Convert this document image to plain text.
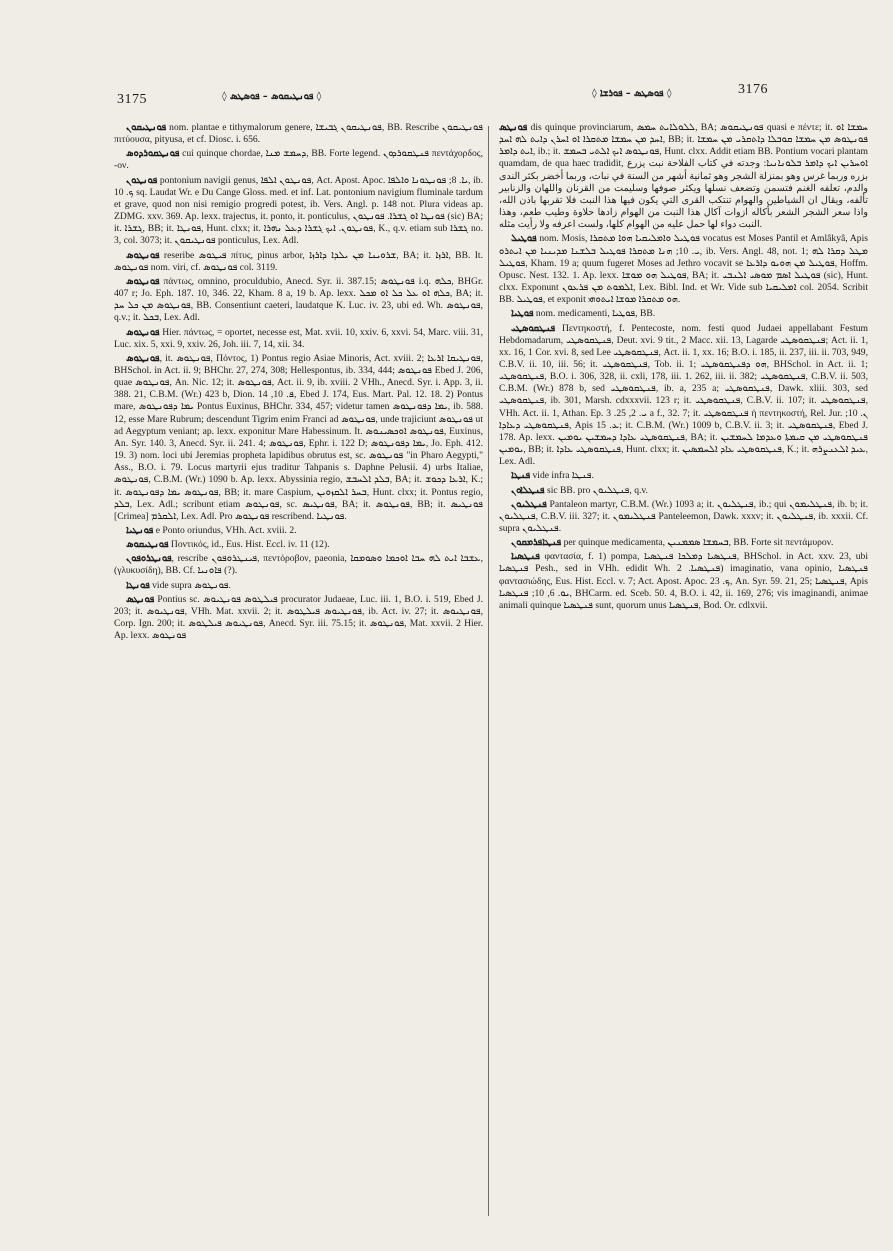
3175	◊ ܦܘܢܛܝܩܘܣ – ܦܘܣܛܣ ◊	◊ ܦܘܣܛܣ – ܦܘܪܫܐ ◊	3176

ܦܘܢܛܝܩܘܢ nom. plantae e tithymalorum genere, ܦܘܢܛܝܩܘܢ ܓܒܝܫܐ, BB. Rescribe ܦܘܢܛܝܩܘܢ πιτύουσα, pityusa, et cf. Diosc. i. 656.

ܦܘܢܛܩܘܪܕܘܣ cui quinque chordae, ܕܚܡܫ ܡܢܐ, BB. Forte legend. ܦܢܛܩܘܪܕܘܢ πεντάχορδος, -ον.

ܦܘܢܛܘܢ pontonium navigii genus, ܦܘܢܛܘܢ ܐܠܦܐ, Act. Apost. Apoc. ܝܐ. 8; ܦܘܢܛܘܢܐ ܘܐܠܦܐ, ib. ܟ. 10 sq. Laudat Wr. e Du Cange Gloss. med. et inf. Lat. pontonium navigium fluminale tardum et grave, quod non nisi remigio progredi potest, ib. Vers. Angl. p. 148 not. Plura videas ap. ZDMG. xxv. 369. Ap. lexx. trajectus, it. ponto, it. ponticulus, ܦܘܢܛܐ ܐܘ ܓܫܪܐ. ܦܘܢܛܘܢ (sic) BA; it. ܓܫܪܐ, BB; it. ܦܘܢܛܐ, Hunt. clxx; it. ܦܘܢܛܘܢ. ܐܝܟ ܓܫܪܐ ܕܥܠ ܢܗܪܐ, K., q.v. etiam sub ܓܫܪܐ no. 3, col. 3073; it. ܦܘܢܛܝܩܘܢ ponticulus, Lex. Adl.

ܦܘܢܛܘܣ reseribe ܦܝܛܘܣ πίτυς, pinus arbor, ܫܪܘܝܢܐ ܡܢ ܝܠܕܐ ܕܐܪܙܐ, BA; it. ܐܪܙܐ, BB. It. ܦܘܢܛܘܣ nom. viri, cf. ܦܘܢܛܘܣ col. 3119.

ܦܘܢܛܘܣ πάντως, omnino, proculdubio, Anecd. Syr. ii. 387.15; ܦܘܢܛܘܣ i.q. ܟܠܗ, BHGr. 407 r; Jo. Eph. 187. 10, 346. 22, Kham. 8 a, 19 b. Ap. lexx. ܟܠܗ ܐܘ ܥܠ ܟܠ ܐܘ ܡܟܠ, BA; it. ܦܘܢܛܘܣ ܡܢ ܟܠ ܚܕ, BB. Consentiunt caeteri, laudatque K. Luc. iv. 23, ubi ed. Wh. ܦܘܢܛܘܣ, q.v.; it. ܒܟܠ, Lex. Adl.

ܦܘܢܛܘܣ Hier. πάντως, = oportet, necesse est, Mat. xvii. 10, xxiv. 6, xxvi. 54, Marc. viii. 31, Luc. xix. 5, xxi. 9, xxiv. 26, Joh. iii. 7, 14, xii. 34.

ܦܘܢܛܘܣ, it. ܦܘܢܛܘܣ, Πόντος, 1) Pontus regio Asiae Minoris, Act. xviii. 2; ܦܘܢܛܝܩܐ ܐܪܥܐ, BHSchol. in Act. ii. 9; BHChr. 27, 274, 308; Hellespontus, ib. 334, 444; ܦܘܢܛܘܣ Ebed J. 206, quae ܦܘܢܛܘܣ, An. Nic. 12; it. ܦܘܢܛܘܣ, Act. ii. 9, ib. xviii. 2 VHh., Anecd. Syr. i. App. 3, ii. 388. 21, C.B.M. (Wr.) 423 b, Dion. ܦ. 10, 14, Ebed J. 174, Eus. Mart. Pal. 12. 18. 2) Pontus mare, ܝܡܐ ܕܦܘܢܛܘܣ Pontus Euxinus, BHChr. 334, 457; videtur tamen ܝܡܐ ܕܦܘܢܛܘܣ, ib. 588. 12, esse Mare Rubrum; descendunt Tigrim enim Franci ad ܦܘܢܛܘܣ, unde trajiciunt ܦܘܢܛܘܣ ut ad Aegyptum veniant; ap. lexx. exponitur Mare Habessinum. It. ܦܘܢܛܘܣ ܐܘܟܣܝܢܘܣ, Euxinus, An. Syr. 140. 3, Anecd. Syr. ii. 241. 4; ܦܘܢܛܘܣ, Ephr. i. 122 D; ܝܡܐ ܕܦܘܢܛܘܣ, Jo. Eph. 412. 19. 3) nom. loci ubi Jeremias propheta lapidibus obrutus est, sc. ܦܘܢܛܘܣ "in Pharo Aegypti," Ass., B.O. i. 79. Locus martyrii ejus traditur Tahpanis s. Daphne Pelusii. 4) urbs Italiae, ܦܘܢܛܘܣ, C.B.M. (Wr.) 1090 b. Ap. lexx. Abyssinia regio, ܒܠܕ ܐܠܚܒܫ, BA; it. ܐܪܥܐ ܕܟܘܫ, K.; it. ܦܘܢܛܘܣ ܝܡܐ ܕܦܘܢܛܘܣ, BB; it. mare Caspium, ܒܚܪ ܐܠܩܙܘܝܢ, Hunt. clxx; it. Pontus regio, ܒܠܕ, Lex. Adl.; scribunt etiam ܦܘܢܛܘܣ, sc. ܦܘܢܛܝܣ, BA; it. ܦܘܢܛܘܣ, BB; it. ܦܘܢܛܝܣ [Crimea] ܐܠܩܪܡ, Lex. Adl. Pro ܦܘܢܛܘܣ rescribend. ܦܘܢܛܝܐ.

ܦܘܢܛܝܐ e Ponto oriundus, VHh. Act. xviii. 2.

ܦܘܢܛܝܩܘܣ Ποντικός, id., Eus. Hist. Eccl. iv. 11 (12).

ܦܘܢܛܪܘܦܘܢ, rescribe ܦܝܢܛܪܘܦܘܢ, πεντόροβον, paeonia, ܥܫܒܐ ܐܝܬ ܠܗ ܚܒܐ ܐܘܟܡܐ ܘܣܘܡܩܐ, (γλυκυσίδη), BB. Cf. ܦܐܘܢܝܐ (?).

ܦܘܢܛܐ vide supra ܦܘܢܛܘܣ.

ܦܘܢܛܣ Pontius sc. ܦܝܠܛܘܣ ܦܘܢܛܝܘܣ procurator Judaeae, Luc. iii. 1, B.O. i. 519, Ebed J. 203; it. ܦܘܢܛܝܘܣ, VHh. Mat. xxvii. 2; it. ܦܘܢܛܝܘܣ ܦܝܠܛܘܣ, ib. Act. iv. 27; it. ܦܘܢܛܝܘܣ, Corp. Ign. 200; it. ܦܘܢܛܝܘܣ ܦܝܠܛܘܣ, Anecd. Syr. iii. 75.15; it. ܦܘܢܛܘܣ, Mat. xxvii. 2 Hier. Ap. lexx. ܦܘܢܛܘܣ

ܦܘܢܛܣ dis quinque provinciarum, ܠܠܘܠܐܝܬ ܚܡܣ, BA; ܦܘܢܛܝܩܘܣ quasi e πέντε; it. ܚܡܫܐ ܐܘ ܐܚܕ ܡܢ ܚܡܫܐ ܡܬܩܪܐ ܐܘ ܐܚܪܢ ܕܐܝܬ ܠܗ ܐܚܕ, BB; it. ܦܘܢܛܘܣ ܡܢ ܚܡܫܐ ܩܘܒܠܐ ܕܐܬܩܪܝ ܡܢ ܚܡܫܐ ܐܝܬ ܕܐܡܪ, ib.; it. ܦܘܢܛܘܣ ܐܝܟ ܐܠܬܝ ܒܚܡܫ, Hunt. clxx. Addit etiam BB. Pontium vocari plantam quamdam, de qua haec tradidit, ܐܘܚܪܝܢ ܐܝܟ ܕܐܡܪ ܒܠܘܢܐܢܝܐ: وجدته في كتاب الفلاحة نبت يزرع بزره وربما غرس وهو بمنزلة الشجر وهو ثمانية أشهر من السنة في نبات، وربما أخضر بكثر الندى والدم، تعلفه الغنم فتسمن وتضعف نسلها ويكثر صوفها وسليمت من القرنان واللهان والزنابير تألفه، ويقال ان الشياطين والهوام تنتكب القرى التي يكون فيها هذا النبت فلا تقربها باذن الله، واذا سعر الشجر الشعر بأكاله ازوات آكال هذا النبت من الهوام زادها حلاوة وطيب طعم، وهذا النبت دواء لها حمل عليه من الهوام كلها، ولست اعرفه ولا رأيت مثله.

ܦܘܛܝܠ nom. Mosis, ܦܘܛܝܠ ܘܐܡܠܝܩܝܐ ܗܘܐ ܡܬܩܪܐ vocatus est Moses Pantil et Amlâkyâ, Apis ܝ. 10; ܗܢܐ ܡܬܩܪܐ ܦܘܛܝܠ ܒܠܫܢܐ ܡܕܝܢܝܐ ܡܢ ܐܝܬܪܘ, ib. Vers. Angl. 48, not. 1; ܡܛܠ ܕܩܪܐ ܠܗ ܦܘܛܝܠ, Kham. 19 a; quum fugeret Moses ad Jethro vocavit se ܦܘܛܝܠ ܡܢ ܗܘܝܘ ܕܐܪܥܐ, Hoffm. Opusc. Nest. 132. 1. Ap. lexx. ܦܘܛܝܠ ܗܘ ܡܘܫܐ, BA; it. ܦܘܛܝܠ ܐܣܡ ܡܘܣܝ ܐܠܢܒܝ (sic), Hunt. clxx. Exponunt ܐܠܡܘܬ ܡܢ ܦܪܥܘܢ, Lex. Bibl. Ind. et Wr. Vide sub ܐܡܠܝܩܝܐ col. 2054. Scribit BB. ܦܘܛܝܠ, et exponit ܗܘ ܡܬܩܪܐ ܡܘܫܐ ܐܝܬܘܗܝ.

ܦܘܛܝܐ nom. medicamenti, ܦܘܛܝܐ, BB.

ܦܢܛܩܘܣܛܝ Πεντηκοστή, f. Pentecoste, nom. festi quod Judaei appellabant Festum Hebdomadarum, ܦܢܛܩܘܣܛܝ, Deut. xvi. 9 tit., 2 Macc. xii. 13, Lagarde ܦܢܛܩܘܣܛܝ; Act. ii. 1, xx. 16, 1 Cor. xvi. 8, sed Lee ܦܢܛܩܘܣܛܝ, Act. ii. 1, xx. 16; B.O. i. 185, ii. 237, iii. ii. 703, 949, C.B.V. ii. 10, iii. 56; it. ܦܢܛܩܘܣܛܝ, Tob. ii. 1; ܗܘ ܕܦܢܛܩܘܣܛܝ, BHSchol. in Act. ii. 1; ܦܢܛܩܘܣܛܝ, B.O. i. 306, 328, ii. cxli, 178, iii. 1. 262, iii. ii. 382; ܦܢܛܩܘܣܛܝ, C.B.V. ii. 503, C.B.M. (Wr.) 878 b, sed ܦܢܛܩܘܣܛܝ, ib. a, 235 a; ܦܢܛܩܘܣܛܝ, Dawk. xliii. 303, sed ܦܢܛܩܘܣܛܝ, ib. 301, Marsh. cdxxxvii. 123 r; it. ܦܢܛܩܘܣܛܝ, C.B.V. ii. 107; it. ܦܢܛܩܘܣܛܝ, VHh. Act. ii. 1, Athan. Ep. ܝ. 2, 25. 3 a f., 32. 7; it. ܦܢܛܩܘܣܛܝ ἡ πεντηκοστή, Rel. Jur. ܢ. 10; ܦܢܛܩܘܣܛܝ ܕܥܐܕܐ, Apis ܥ. 15; it. C.B.M. (Wr.) 1009 b, C.B.V. ii. 3; it. ܦܢܛܩܘܣܛܝ, Ebed J. 178. Ap. lexx. ܦܢܛܩܘܣܛܝ ܥܐܕܐ ܕܚܡܫܝܢ ܝܘܡܝܢ, BA; it. ܦܢܛܩܘܣܛܝ ܡܢ ܩܝܡܬܐ ܘܥܕܡܐ ܠܚܡܫܝܢ ܝܘܡܝܢ, BB; it. ܦܢܛܩܘܣܛܝ ܥܐܕܐ, Hunt. clxx; it. ܦܢܛܩܘܣܛܝ ܥܐܕ ܐܠܚܡܣܝܢ, K.; it. ܥܝܕ ܐܠܥܢܨܪܗ, Lex. Adl.

ܦܢܛܐ vide infra ܦܢܛܐ.

ܦܢܛܠܐܘܢ sic BB. pro ܦܢܛܠܝܘܢ, q.v.

ܦܢܛܠܝܘܢ Pantaleon martyr, C.B.M. (Wr.) 1093 a; it. ܦܢܛܠܝܘܢ, ib.; qui ܦܢܛܠܝܡܘܢ, ib. b; it. ܦܢܛܠܝܘܢ, C.B.V. iii. 327; it. ܦܢܛܠܝܡܘܢ Panteleemon, Dawk. xxxv; it. ܦܢܛܠܝܘܢ, ib. xxxii. Cf. supra ܦܢܛܠܝܘܢ.

ܦܢܛܐܦܪܡܩܘܢ per quinque medicamenta, ܒܚܡܫܐ ܣܡܡܢܝܢ, BB. Forte sit πεντάμυρον.

ܦܢܛܣܝܐ φαντασία, f. 1) pompa, ܦܢܛܣܝܐ ܕܡܠܟܐ ܦܢܛܣܝܐ, BHSchol. in Act. xxv. 23, ubi ܦܢܛܣܝܐ Pesh., sed in VHh. edidit Wh. ܦܢܛܣܝܐ. 2) imaginatio, vana opinio, ܦܢܛܣܝܐ φαντασιώδης, Eus. Hist. Eccl. v. 7; Act. Apost. Apoc. ܟ. 23, An. Syr. 59. 21, 25; ܦܢܛܣܝܐ, Apis ܝܘ. 6, 10; ܦܢܛܣܝܐ, BHCarm. ed. Sceb. 50. 4, B.O. i. 42, ii. 169, 276; vis imaginandi, animae animali quinque ܦܢܛܣܝܐ sunt, quorum unus ܦܢܛܣܝܐ, Bod. Or. cdlxvii.
